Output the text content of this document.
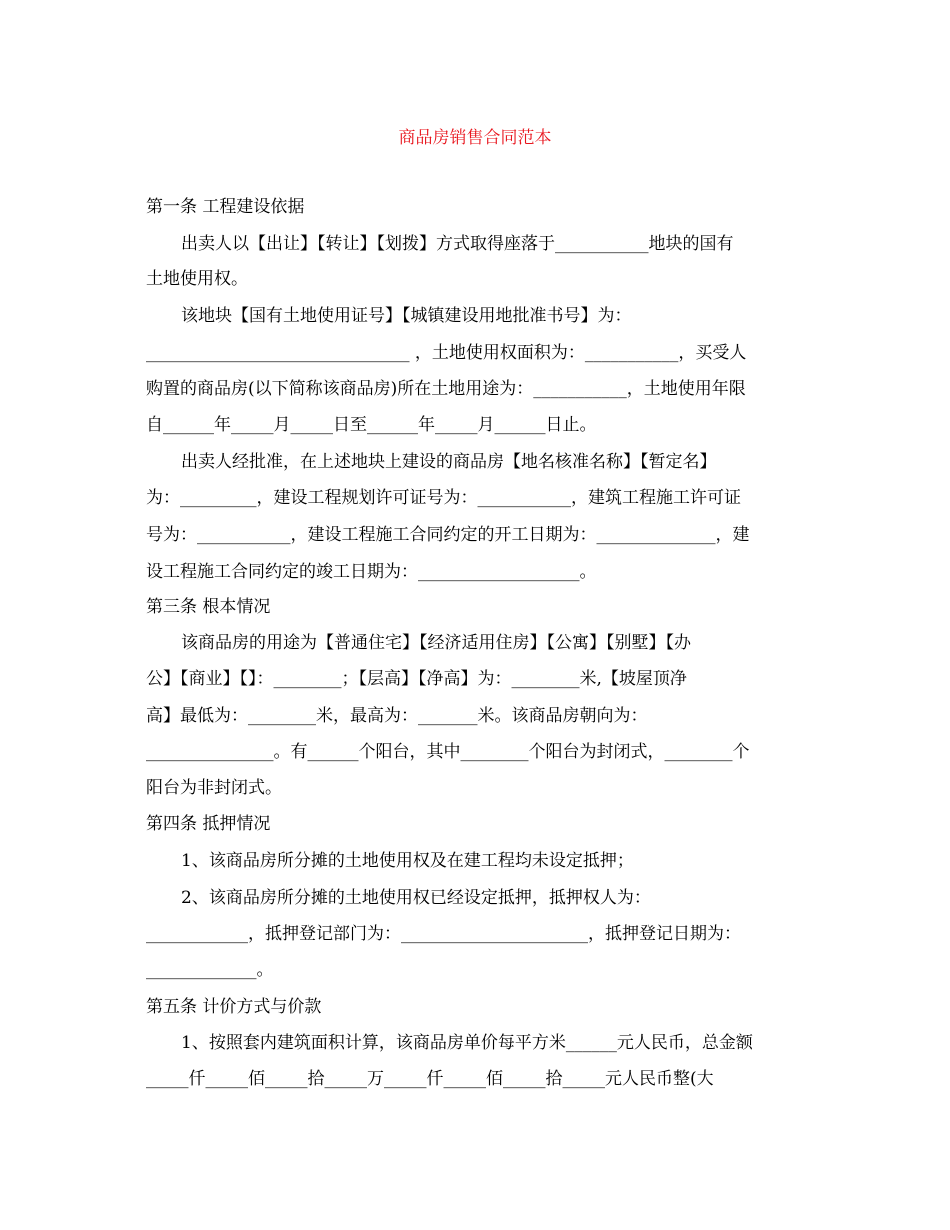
商品房销售合同范本

第一条 工程建设依据

出卖人以【出让】【转让】【划拨】方式取得座落于___________地块的国有

土地使用权。

该地块【国有土地使用证号】【城镇建设用地批准书号】为：

_______________________________ ，土地使用权面积为：___________，买受人

购置的商品房(以下简称该商品房)所在土地用途为：___________，土地使用年限

自______年_____月_____日至______年_____月______日止。

出卖人经批准，在上述地块上建设的商品房【地名核准名称】【暂定名】

为：_________，建设工程规划许可证号为：___________，建筑工程施工许可证

号为：___________，建设工程施工合同约定的开工日期为：______________，建

设工程施工合同约定的竣工日期为：___________________。

第三条 根本情况

该商品房的用途为【普通住宅】【经济适用住房】【公寓】【别墅】【办

公】【商业】【】：________；【层高】【净高】为：________米,【坡屋顶净

高】最低为：________米，最高为：_______米。该商品房朝向为：

_______________。有______个阳台，其中________个阳台为封闭式，________个

阳台为非封闭式。

第四条 抵押情况

1、该商品房所分摊的土地使用权及在建工程均未设定抵押；

2、该商品房所分摊的土地使用权已经设定抵押，抵押权人为：

____________，抵押登记部门为：______________________，抵押登记日期为：

_____________。

第五条 计价方式与价款

1、按照套内建筑面积计算，该商品房单价每平方米______元人民币，总金额

_____仟_____佰_____拾_____万_____仟_____佰_____拾_____元人民币整(大
